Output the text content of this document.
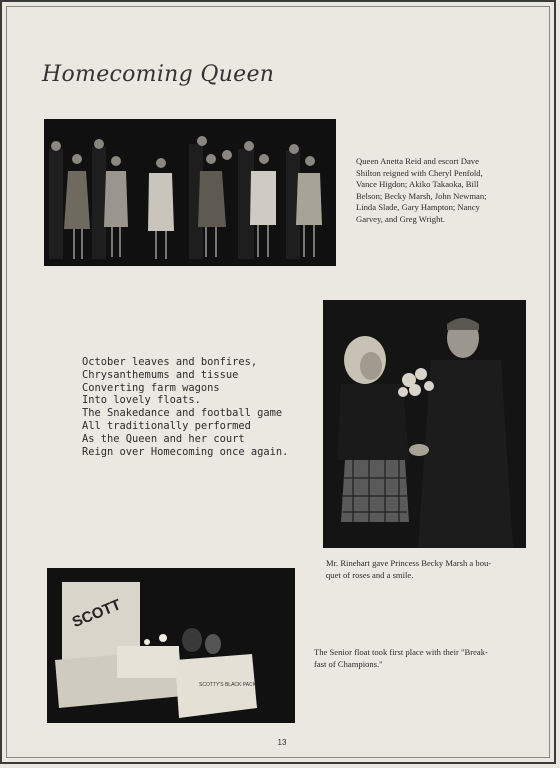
Homecoming Queen
Queen Anetta Reid and escort Dave
Shilton reigned with Cheryl Penfold,
Vance Higdon; Akiko Takaoka, Bill
Belson; Becky Marsh, John Newman;
Linda Slade, Gary Hampton; Nancy
Garvey, and Greg Wright.
October leaves and bonfires,
Chrysanthemums and tissue
Converting farm wagons
Into lovely floats.
The Snakedance and football game
All traditionally performed
As the Queen and her court
Reign over Homecoming once again.
Mr. Rinehart gave Princess Becky Marsh a bou-
quet of roses and a smile.
SCOTT
SCOTTY'S BLACK PACK
The Senior float took first place with their "Break-
fast of Champions."
13
